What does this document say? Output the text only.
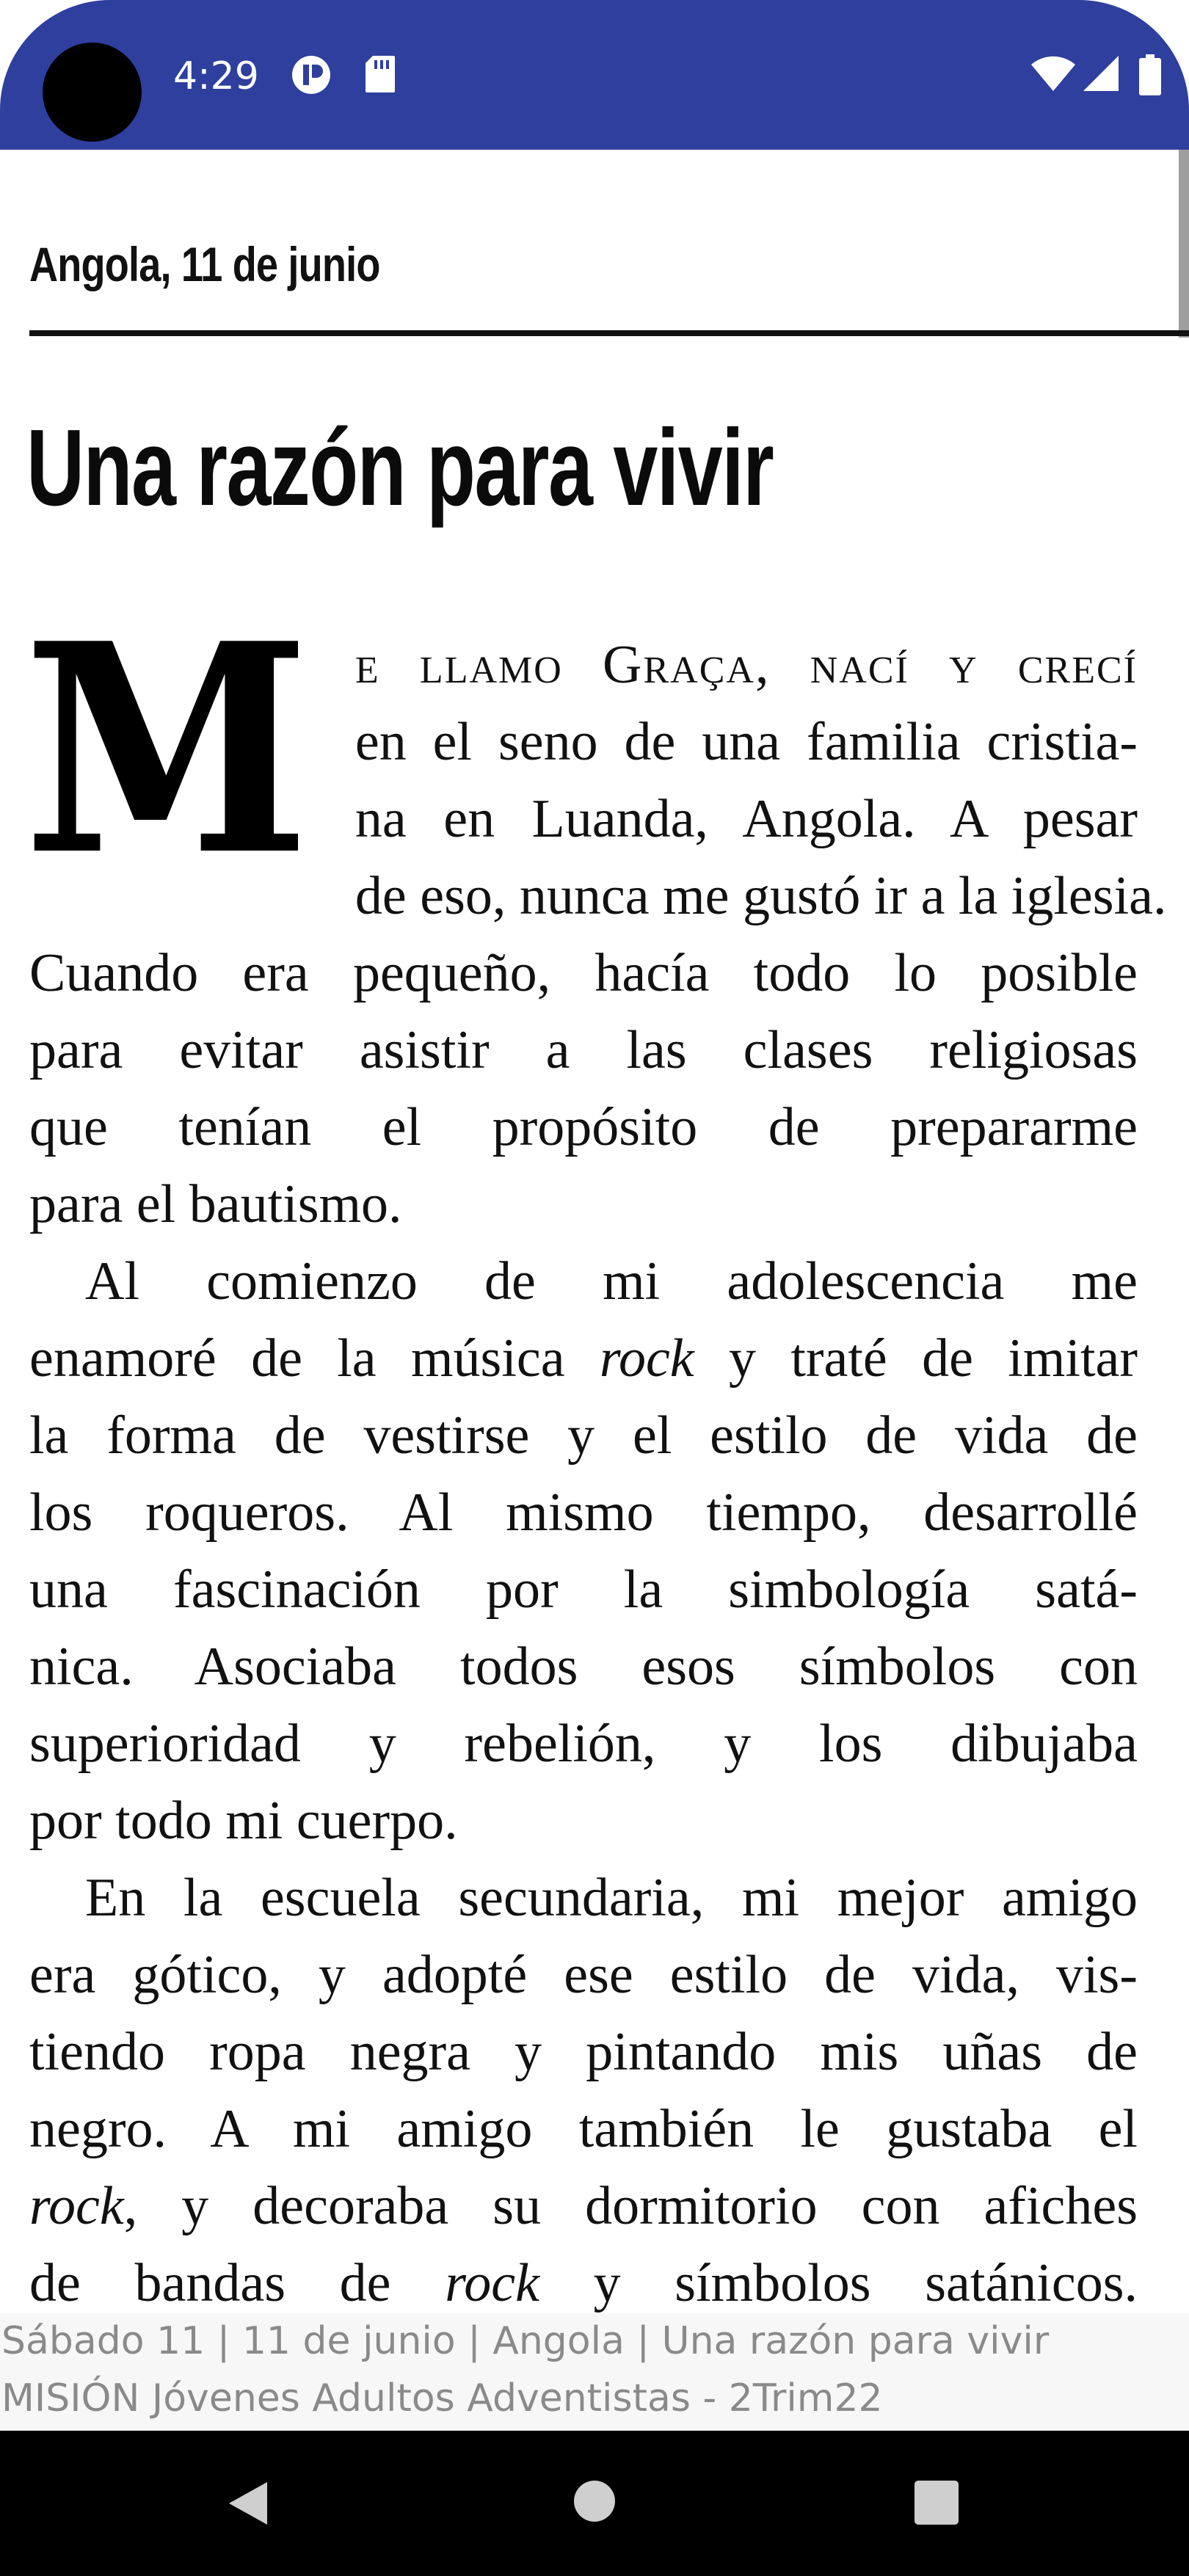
4:29
Angola, 11 de junio
Una razón para vivir
M e llamo Graça, nací y crecí
en el seno de una familia cristia-
na en Luanda, Angola. A pesar
de eso, nunca me gustó ir a la iglesia.
Cuando era pequeño, hacía todo lo posible
para evitar asistir a las clases religiosas
que tenían el propósito de prepararme
para el bautismo.
Al comienzo de mi adolescencia me
enamoré de la música rock y traté de imitar
la forma de vestirse y el estilo de vida de
los roqueros. Al mismo tiempo, desarrollé
una fascinación por la simbología satá-
nica. Asociaba todos esos símbolos con
superioridad y rebelión, y los dibujaba
por todo mi cuerpo.
En la escuela secundaria, mi mejor amigo
era gótico, y adopté ese estilo de vida, vis-
tiendo ropa negra y pintando mis uñas de
negro. A mi amigo también le gustaba el
rock, y decoraba su dormitorio con afiches
de bandas de rock y símbolos satánicos.
Sábado 11 | 11 de junio | Angola | Una razón para vivir
MISIÓN Jóvenes Adultos Adventistas - 2Trim22
